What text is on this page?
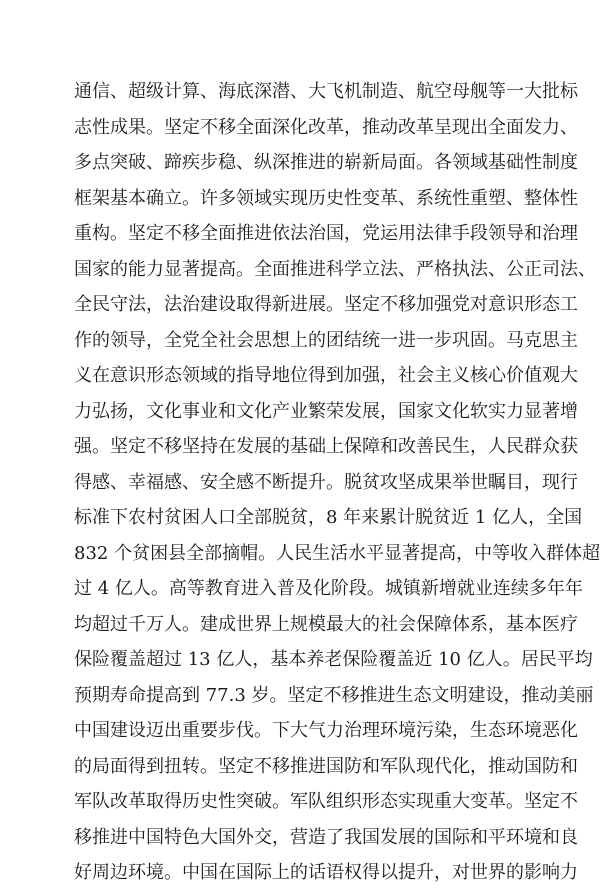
通信、超级计算、海底深潜、大飞机制造、航空母舰等一大批标
志性成果。坚定不移全面深化改革，推动改革呈现出全面发力、
多点突破、蹄疾步稳、纵深推进的崭新局面。各领域基础性制度
框架基本确立。许多领域实现历史性变革、系统性重塑、整体性
重构。坚定不移全面推进依法治国，党运用法律手段领导和治理
国家的能力显著提高。全面推进科学立法、严格执法、公正司法、
全民守法，法治建设取得新进展。坚定不移加强党对意识形态工
作的领导，全党全社会思想上的团结统一进一步巩固。马克思主
义在意识形态领域的指导地位得到加强，社会主义核心价值观大
力弘扬，文化事业和文化产业繁荣发展，国家文化软实力显著增
强。坚定不移坚持在发展的基础上保障和改善民生，人民群众获
得感、幸福感、安全感不断提升。脱贫攻坚成果举世瞩目，现行
标准下农村贫困人口全部脱贫，8 年来累计脱贫近 1 亿人，全国
832 个贫困县全部摘帽。人民生活水平显著提高，中等收入群体超
过 4 亿人。高等教育进入普及化阶段。城镇新增就业连续多年年
均超过千万人。建成世界上规模最大的社会保障体系，基本医疗
保险覆盖超过 13 亿人，基本养老保险覆盖近 10 亿人。居民平均
预期寿命提高到 77.3 岁。坚定不移推进生态文明建设，推动美丽
中国建设迈出重要步伐。下大气力治理环境污染，生态环境恶化
的局面得到扭转。坚定不移推进国防和军队现代化，推动国防和
军队改革取得历史性突破。军队组织形态实现重大变革。坚定不
移推进中国特色大国外交，营造了我国发展的国际和平环境和良
好周边环境。中国在国际上的话语权得以提升，对世界的影响力
